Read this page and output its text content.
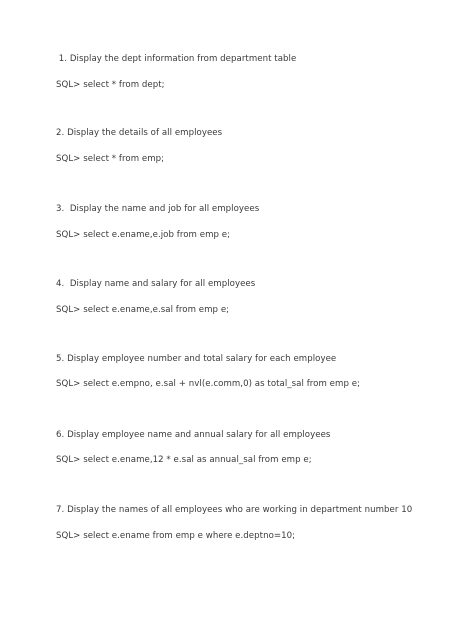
1. Display the dept information from department table
SQL> select * from dept;
2. Display the details of all employees
SQL> select * from emp;
3.  Display the name and job for all employees
SQL> select e.ename,e.job from emp e;
4.  Display name and salary for all employees
SQL> select e.ename,e.sal from emp e;
5. Display employee number and total salary for each employee
SQL> select e.empno, e.sal + nvl(e.comm,0) as total_sal from emp e;
6. Display employee name and annual salary for all employees
SQL> select e.ename,12 * e.sal as annual_sal from emp e;
7. Display the names of all employees who are working in department number 10
SQL> select e.ename from emp e where e.deptno=10;
